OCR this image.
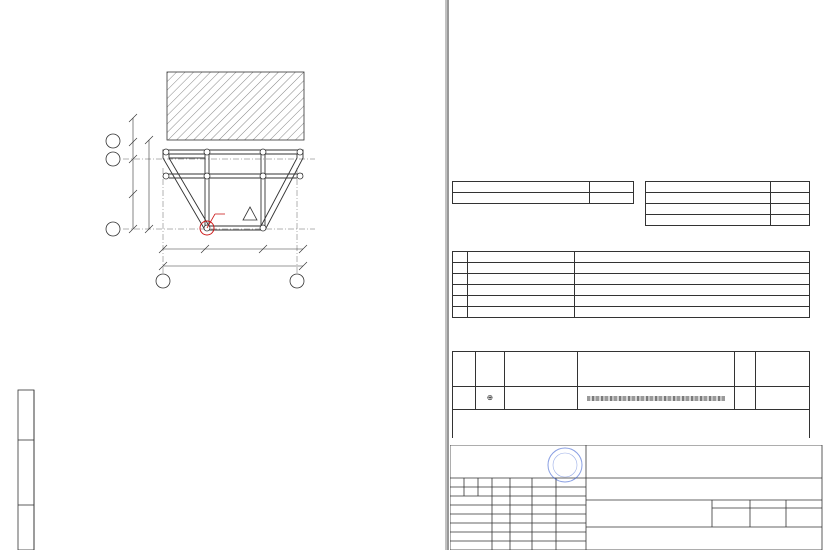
	⊕		
